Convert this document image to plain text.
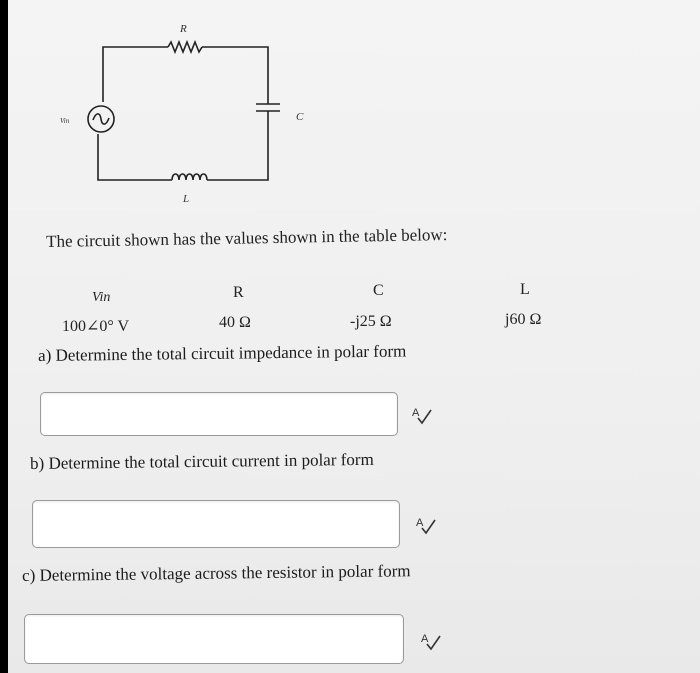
R
C
L
Vin
The circuit shown has the values shown in the table below:
Vin	R	C	L
100∠0° V	40 Ω	-j25 Ω	j60 Ω
a) Determine the total circuit impedance in polar form
A
b) Determine the total circuit current in polar form
A
c) Determine the voltage across the resistor in polar form
A
